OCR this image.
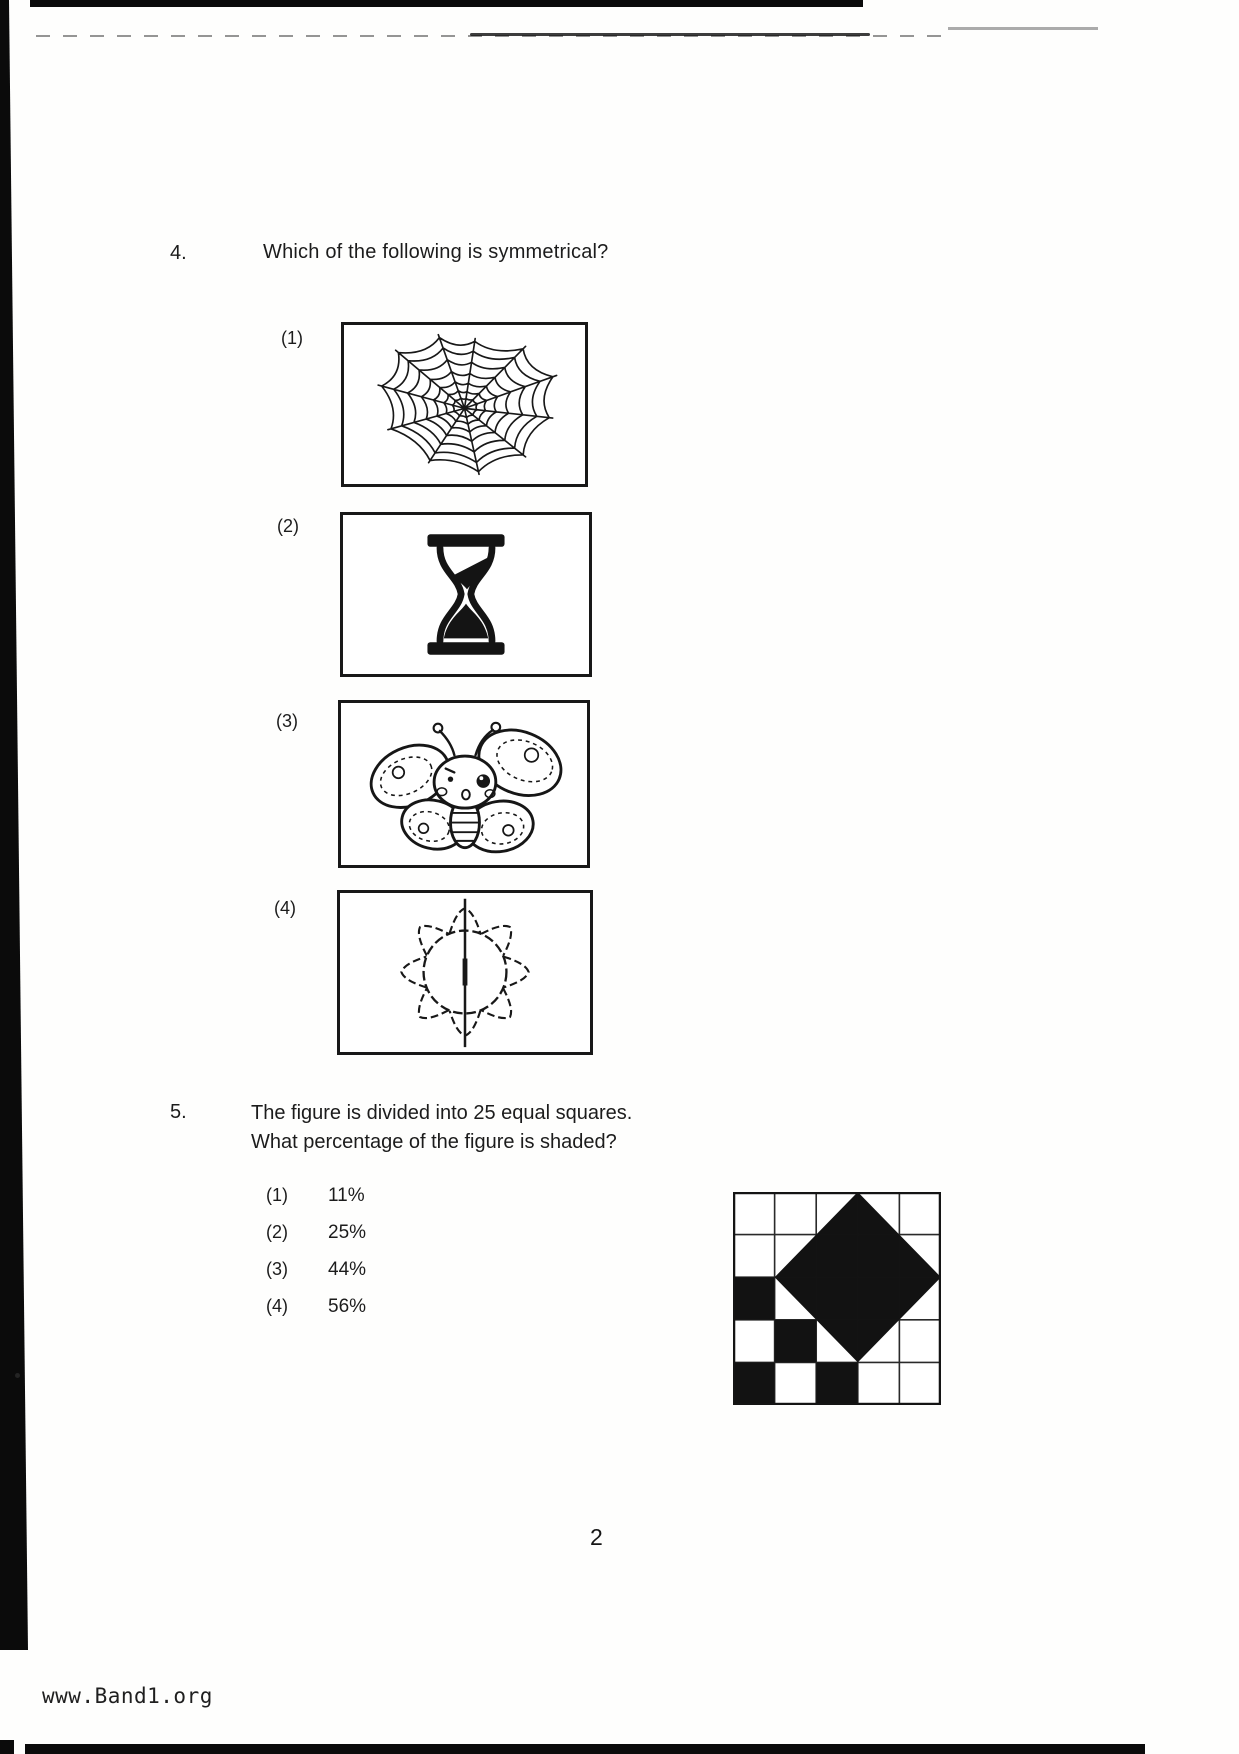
4.	Which of the following is symmetrical?
(1)
(2)
(3)
(4)
5.	The figure is divided into 25 equal squares.
What percentage of the figure is shaded?
(1) 11%
(2) 25%
(3) 44%
(4) 56%
2
www.Band1.org
